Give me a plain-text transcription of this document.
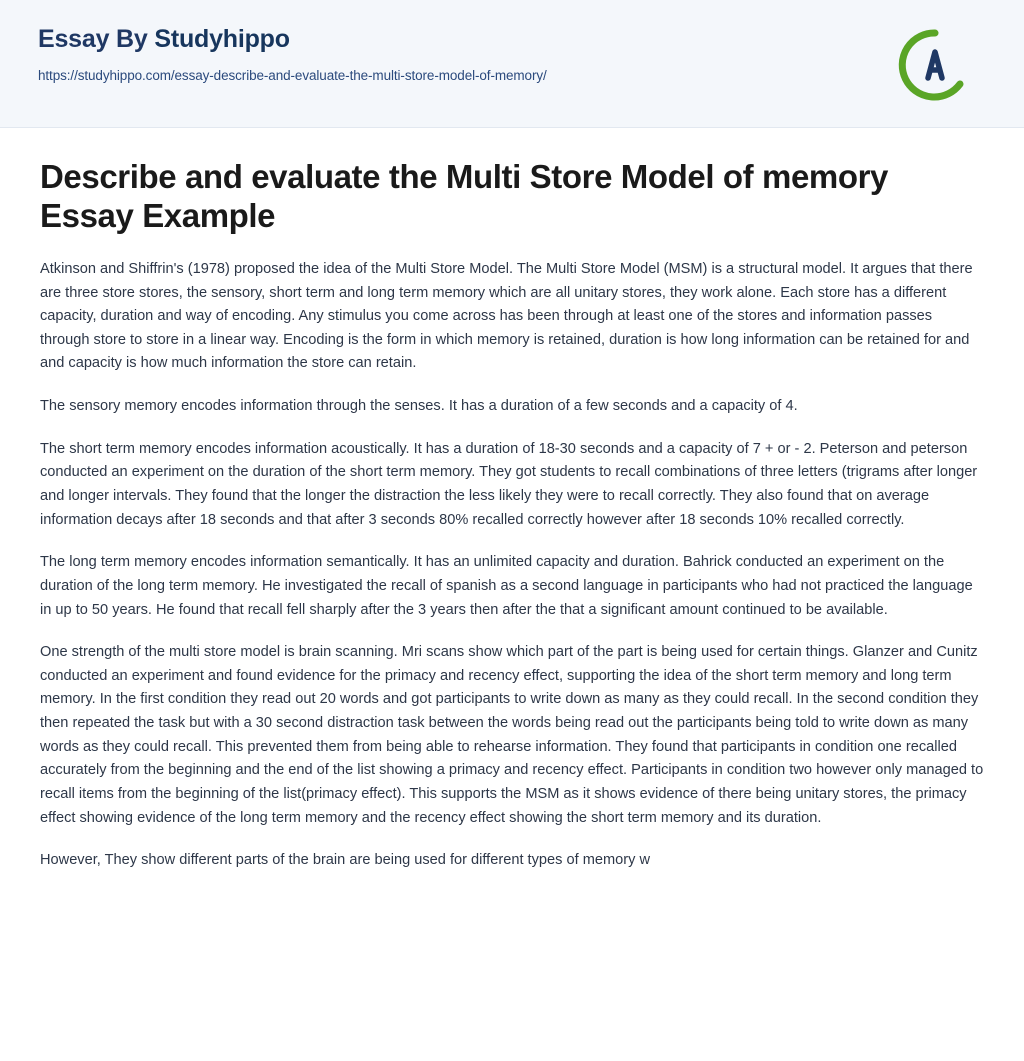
Essay By Studyhippo
https://studyhippo.com/essay-describe-and-evaluate-the-multi-store-model-of-memory/
Describe and evaluate the Multi Store Model of memory Essay Example

Atkinson and Shiffrin's (1978) proposed the idea of the Multi Store Model. The Multi Store Model (MSM) is a structural model. It argues that there are three store stores, the sensory, short term and long term memory which are all unitary stores, they work alone. Each store has a different capacity, duration and way of encoding. Any stimulus you come across has been through at least one of the stores and information passes through store to store in a linear way. Encoding is the form in which memory is retained, duration is how long information can be retained for and and capacity is how much information the store can retain.

The sensory memory encodes information through the senses. It has a duration of a few seconds and a capacity of 4.

The short term memory encodes information acoustically. It has a duration of 18-30 seconds and a capacity of 7 + or - 2. Peterson and peterson conducted an experiment on the duration of the short term memory. They got students to recall combinations of three letters (trigrams after longer and longer intervals. They found that the longer the distraction the less likely they were to recall correctly. They also found that on average information decays after 18 seconds and that after 3 seconds 80% recalled correctly however after 18 seconds 10% recalled correctly.

The long term memory encodes information semantically. It has an unlimited capacity and duration. Bahrick conducted an experiment on the duration of the long term memory. He investigated the recall of spanish as a second language in participants who had not practiced the language in up to 50 years. He found that recall fell sharply after the 3 years then after the that a significant amount continued to be available.

One strength of the multi store model is brain scanning. Mri scans show which part of the part is being used for certain things. Glanzer and Cunitz conducted an experiment and found evidence for the primacy and recency effect, supporting the idea of the short term memory and long term memory. In the first condition they read out 20 words and got participants to write down as many as they could recall. In the second condition they then repeated the task but with a 30 second distraction task between the words being read out the participants being told to write down as many words as they could recall. This prevented them from being able to rehearse information. They found that participants in condition one recalled accurately from the beginning and the end of the list showing a primacy and recency effect. Participants in condition two however only managed to recall items from the beginning of the list(primacy effect). This supports the MSM as it shows evidence of there being unitary stores, the primacy effect showing evidence of the long term memory and the recency effect showing the short term memory and its duration.

However, They show different parts of the brain are being used for different types of memory w
